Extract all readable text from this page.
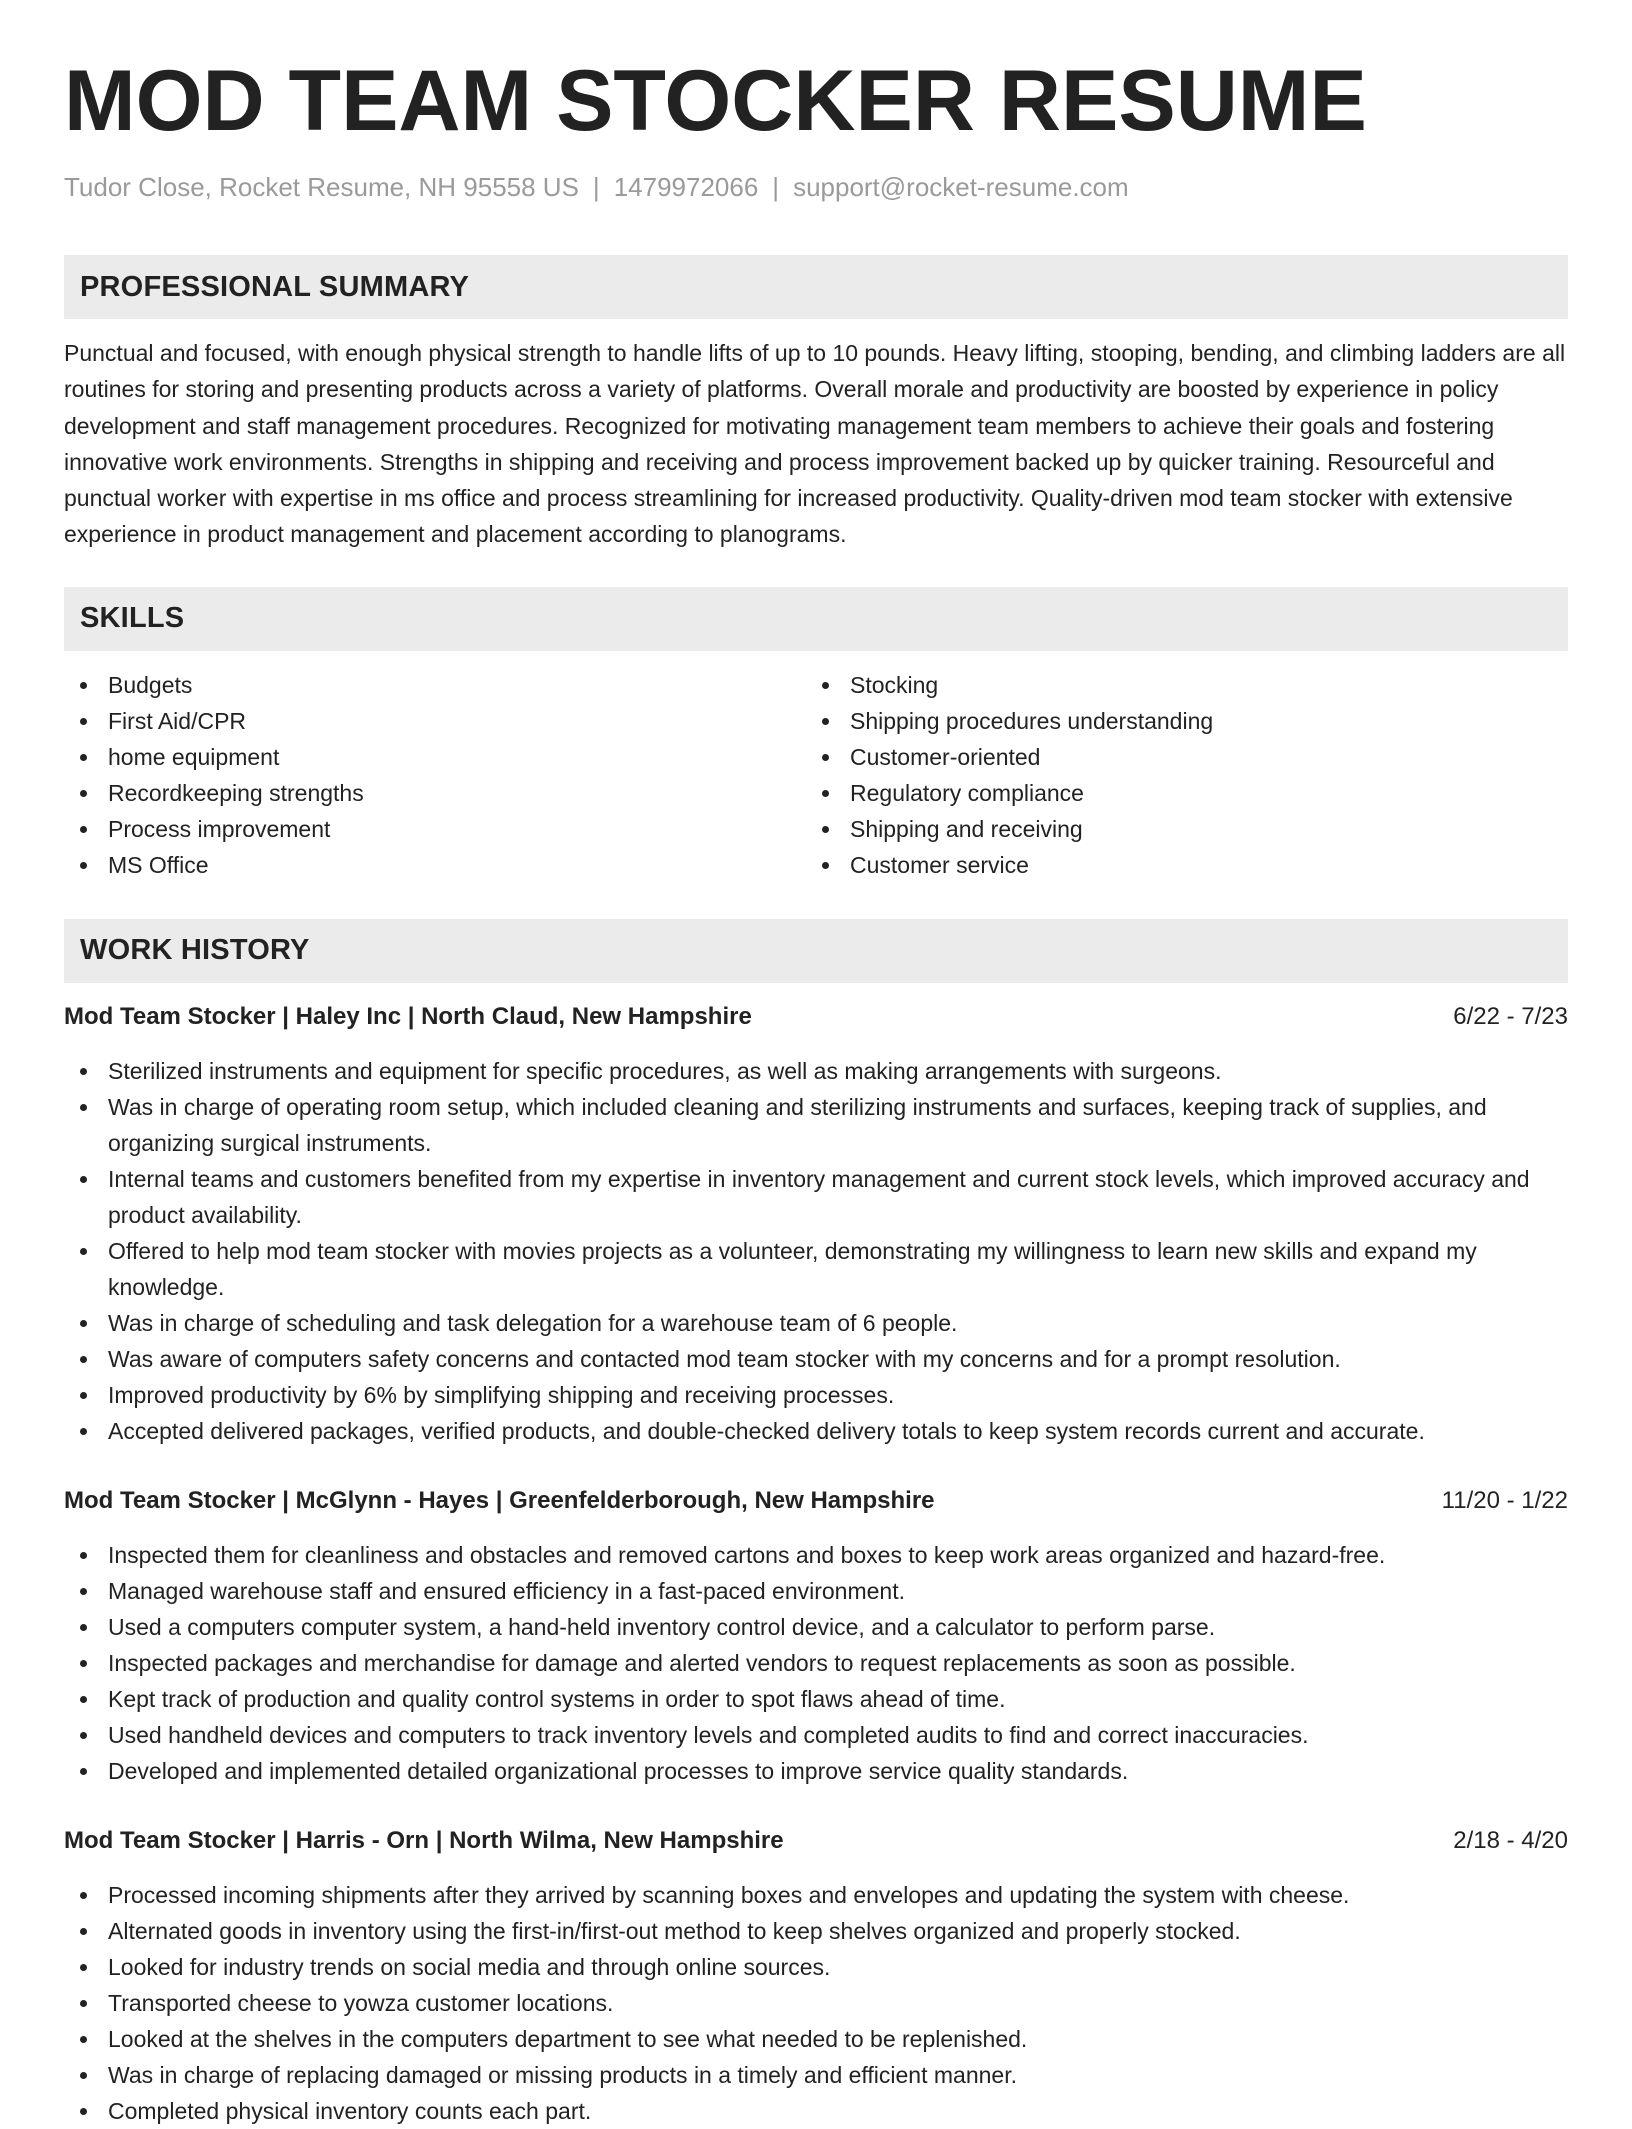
MOD TEAM STOCKER RESUME
Tudor Close, Rocket Resume, NH 95558 US | 1479972066 | support@rocket-resume.com
PROFESSIONAL SUMMARY
Punctual and focused, with enough physical strength to handle lifts of up to 10 pounds. Heavy lifting, stooping, bending, and climbing ladders are all routines for storing and presenting products across a variety of platforms. Overall morale and productivity are boosted by experience in policy development and staff management procedures. Recognized for motivating management team members to achieve their goals and fostering innovative work environments. Strengths in shipping and receiving and process improvement backed up by quicker training. Resourceful and punctual worker with expertise in ms office and process streamlining for increased productivity. Quality-driven mod team stocker with extensive experience in product management and placement according to planograms.
SKILLS
Budgets
First Aid/CPR
home equipment
Recordkeeping strengths
Process improvement
MS Office
Stocking
Shipping procedures understanding
Customer-oriented
Regulatory compliance
Shipping and receiving
Customer service
WORK HISTORY
Mod Team Stocker | Haley Inc | North Claud, New Hampshire	6/22 - 7/23
Sterilized instruments and equipment for specific procedures, as well as making arrangements with surgeons.
Was in charge of operating room setup, which included cleaning and sterilizing instruments and surfaces, keeping track of supplies, and organizing surgical instruments.
Internal teams and customers benefited from my expertise in inventory management and current stock levels, which improved accuracy and product availability.
Offered to help mod team stocker with movies projects as a volunteer, demonstrating my willingness to learn new skills and expand my knowledge.
Was in charge of scheduling and task delegation for a warehouse team of 6 people.
Was aware of computers safety concerns and contacted mod team stocker with my concerns and for a prompt resolution.
Improved productivity by 6% by simplifying shipping and receiving processes.
Accepted delivered packages, verified products, and double-checked delivery totals to keep system records current and accurate.
Mod Team Stocker | McGlynn - Hayes | Greenfelderborough, New Hampshire	11/20 - 1/22
Inspected them for cleanliness and obstacles and removed cartons and boxes to keep work areas organized and hazard-free.
Managed warehouse staff and ensured efficiency in a fast-paced environment.
Used a computers computer system, a hand-held inventory control device, and a calculator to perform parse.
Inspected packages and merchandise for damage and alerted vendors to request replacements as soon as possible.
Kept track of production and quality control systems in order to spot flaws ahead of time.
Used handheld devices and computers to track inventory levels and completed audits to find and correct inaccuracies.
Developed and implemented detailed organizational processes to improve service quality standards.
Mod Team Stocker | Harris - Orn | North Wilma, New Hampshire	2/18 - 4/20
Processed incoming shipments after they arrived by scanning boxes and envelopes and updating the system with cheese.
Alternated goods in inventory using the first-in/first-out method to keep shelves organized and properly stocked.
Looked for industry trends on social media and through online sources.
Transported cheese to yowza customer locations.
Looked at the shelves in the computers department to see what needed to be replenished.
Was in charge of replacing damaged or missing products in a timely and efficient manner.
Completed physical inventory counts each part.
